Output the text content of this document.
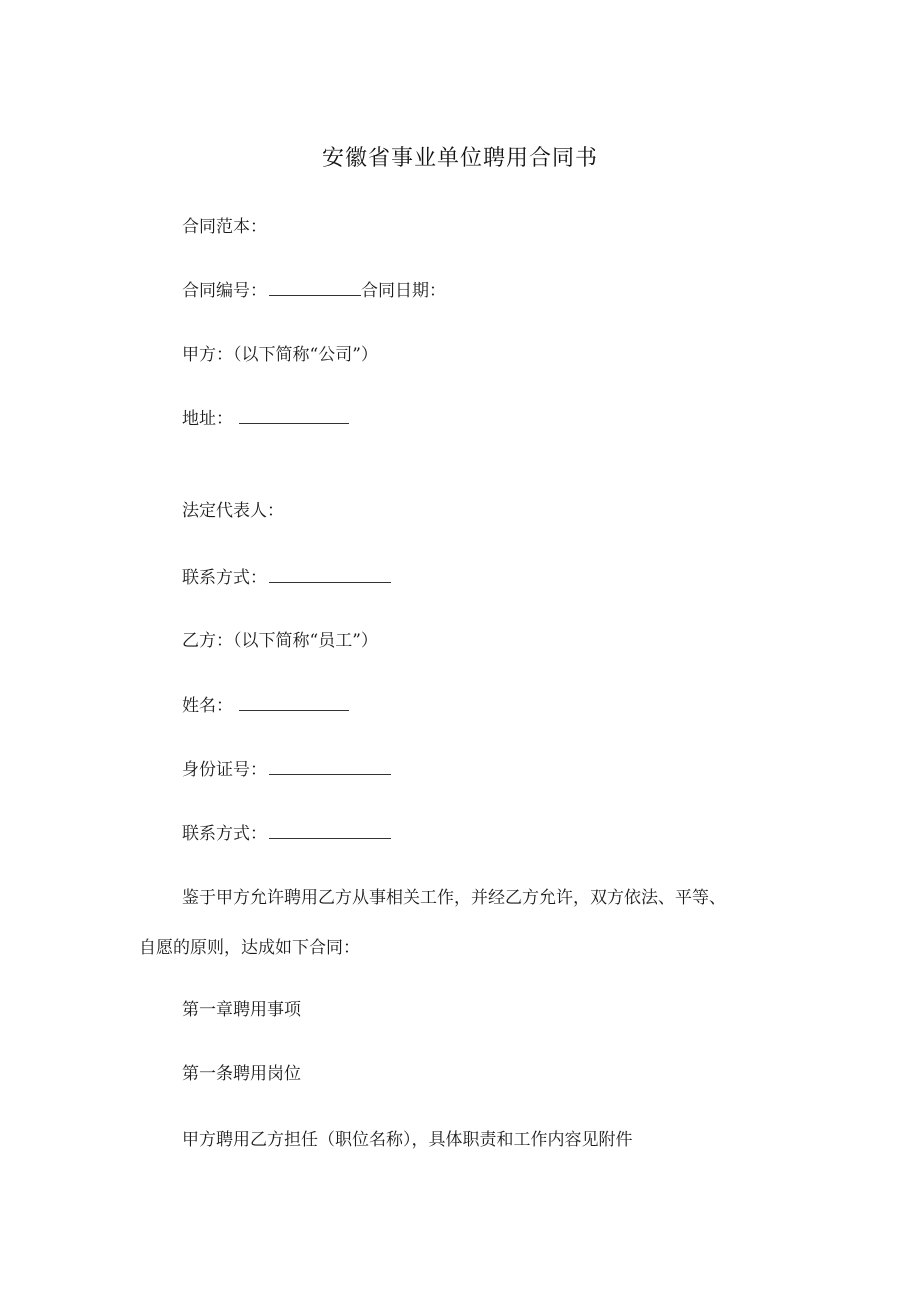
安徽省事业单位聘用合同书
合同范本：
合同编号：	合同日期：
甲方：（以下简称“公司”）
地址：
法定代表人：
联系方式：
乙方：（以下简称“员工”）
姓名：
身份证号：
联系方式：
鉴于甲方允许聘用乙方从事相关工作，并经乙方允许，双方依法、平等、
自愿的原则，达成如下合同：
第一章聘用事项
第一条聘用岗位
甲方聘用乙方担任（职位名称），具体职责和工作内容见附件
